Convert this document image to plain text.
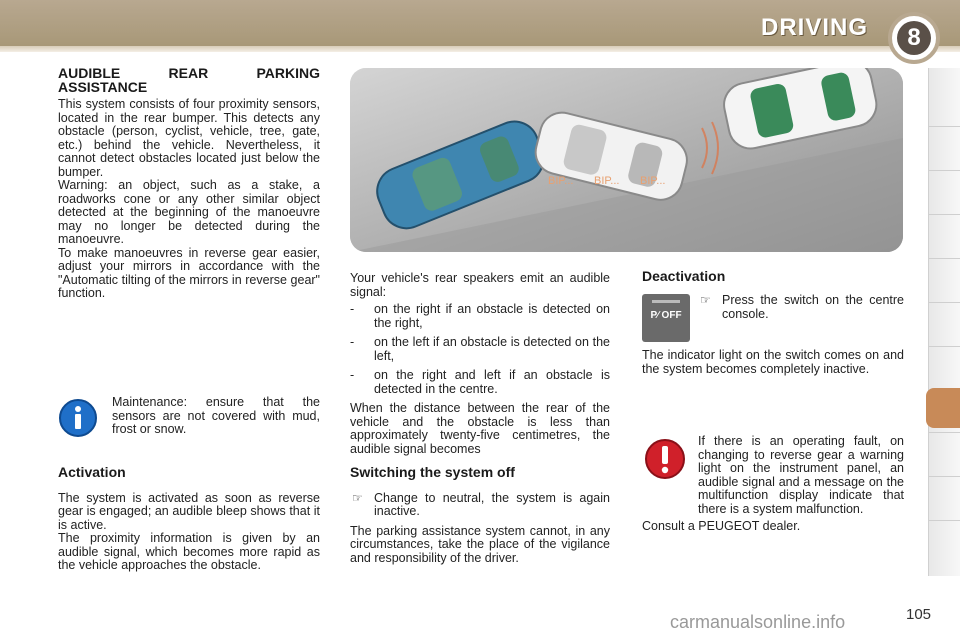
DRIVING	8
AUDIBLE REAR PARKING ASSISTANCE

This system consists of four proximity sensors, located in the rear bumper. This detects any obstacle (person, cyclist, vehicle, tree, gate, etc.) behind the vehicle. Nevertheless, it cannot detect obstacles located just below the bumper.

Warning: an object, such as a stake, a roadworks cone or any other similar object detected at the beginning of the manoeuvre may no longer be detected during the manoeuvre.

To make manoeuvres in reverse gear easier, adjust your mirrors in accordance with the "Automatic tilting of the mirrors in reverse gear" function.

Maintenance: ensure that the sensors are not covered with mud, frost or snow.

Activation

The system is activated as soon as reverse gear is engaged; an audible bleep shows that it is active.

The proximity information is given by an audible signal, which becomes more rapid as the vehicle approaches the obstacle.

BIP... BIP... BIP...

Your vehicle's rear speakers emit an audible signal:

- on the right if an obstacle is detected on the right,
- on the left if an obstacle is detected on the left,
- on the right and left if an obstacle is detected in the centre.

When the distance between the rear of the vehicle and the obstacle is less than approximately twenty-five centimetres, the audible signal becomes

Switching the system off
☞ Change to neutral, the system is again inactive.

The parking assistance system cannot, in any circumstances, take the place of the vigilance and responsibility of the driver.

Deactivation
P∕ OFF
☞ Press the switch on the centre console.

The indicator light on the switch comes on and the system becomes completely inactive.

If there is an operating fault, on changing to reverse gear a warning light on the instrument panel, an audible signal and a message on the multifunction display indicate that there is a system malfunction.

Consult a PEUGEOT dealer.

carmanualsonline.info	105
